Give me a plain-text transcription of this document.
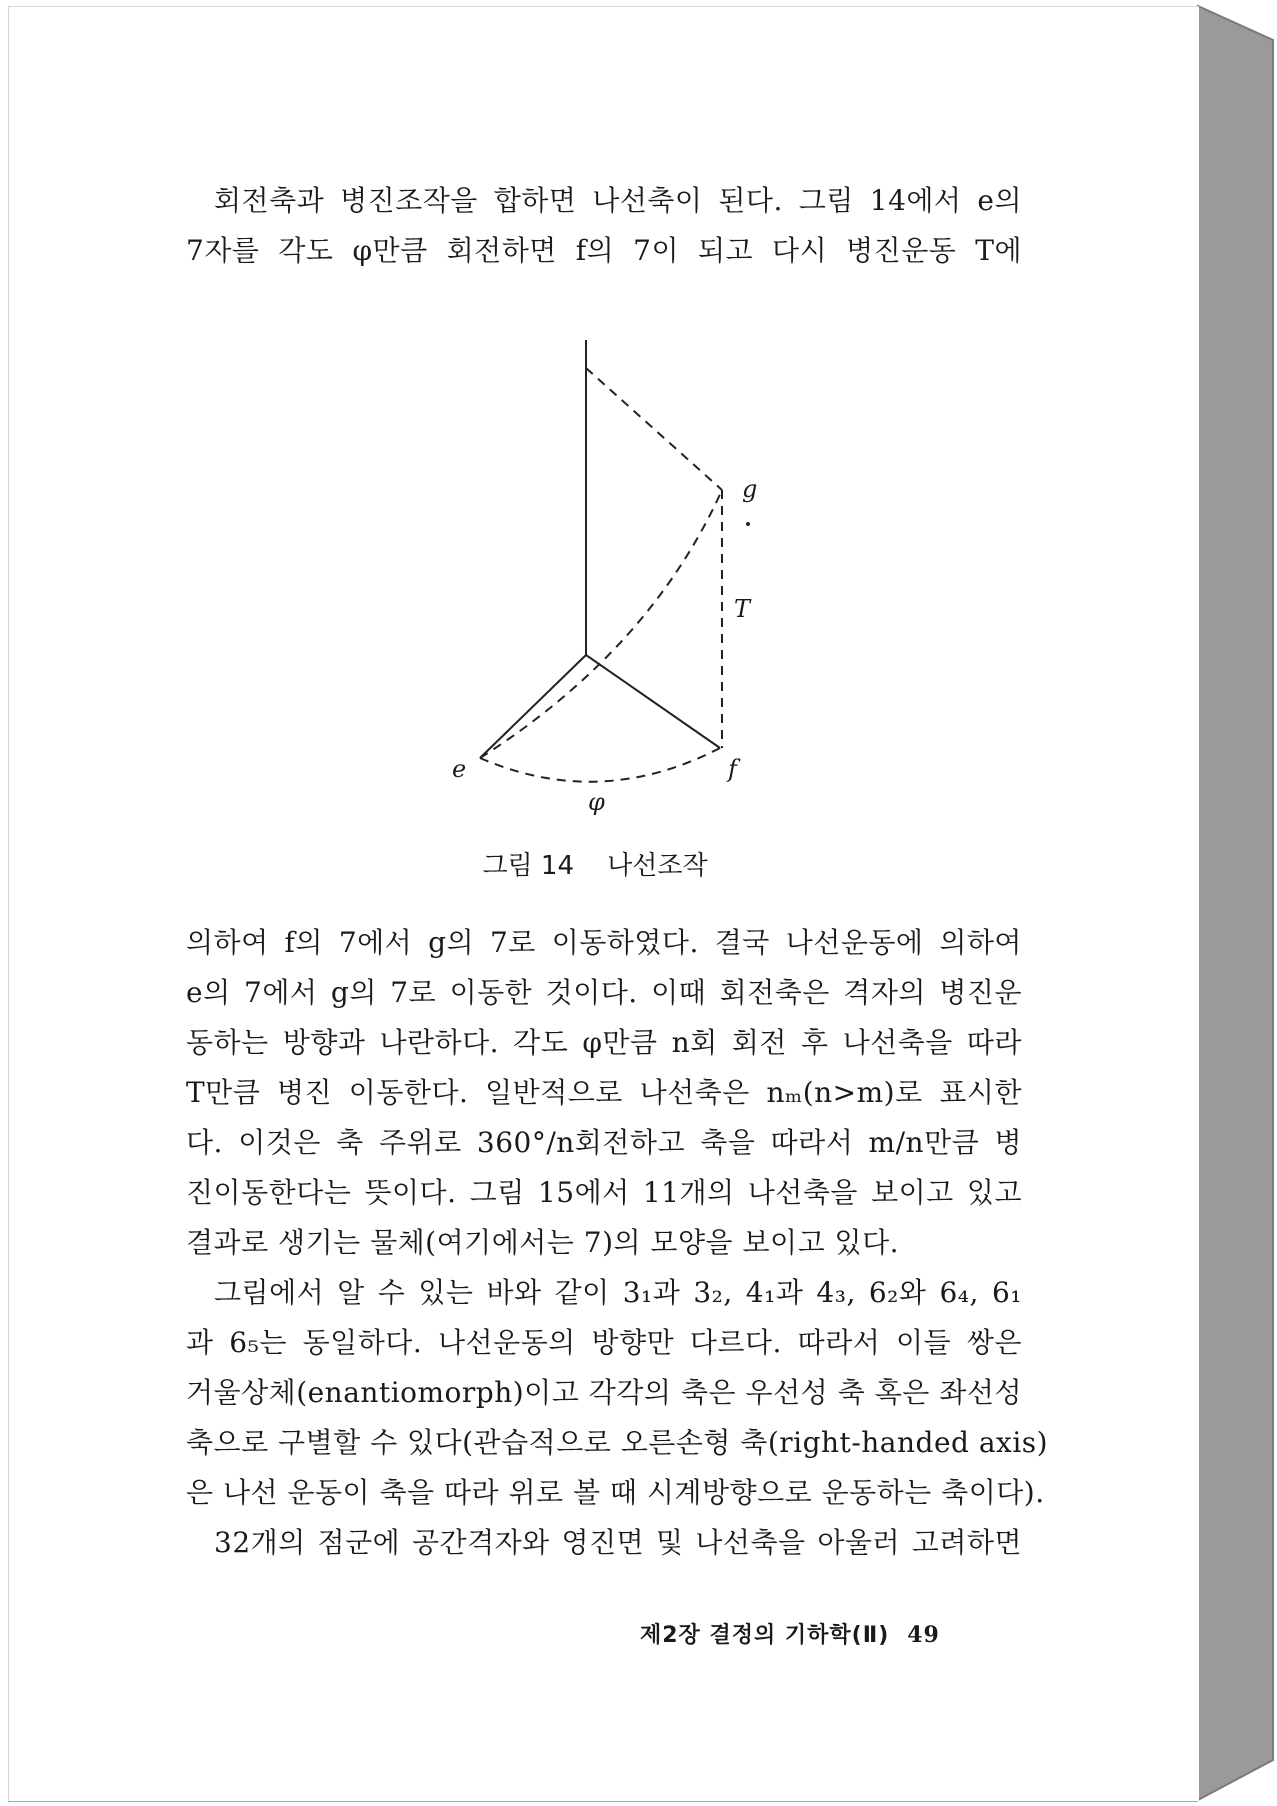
회전축과 병진조작을 합하면 나선축이 된다. 그림 14에서 e의
7자를 각도 φ만큼 회전하면 f의 7이 되고 다시 병진운동 T에
g
T
e	f
φ
그림 14 나선조작
의하여 f의 7에서 g의 7로 이동하였다. 결국 나선운동에 의하여
e의 7에서 g의 7로 이동한 것이다. 이때 회전축은 격자의 병진운
동하는 방향과 나란하다. 각도 φ만큼 n회 회전 후 나선축을 따라
T만큼 병진 이동한다. 일반적으로 나선축은 nₘ(n>m)로 표시한
다. 이것은 축 주위로 360°/n회전하고 축을 따라서 m/n만큼 병
진이동한다는 뜻이다. 그림 15에서 11개의 나선축을 보이고 있고
결과로 생기는 물체(여기에서는 7)의 모양을 보이고 있다.
그림에서 알 수 있는 바와 같이 3₁과 3₂, 4₁과 4₃, 6₂와 6₄, 6₁
과 6₅는 동일하다. 나선운동의 방향만 다르다. 따라서 이들 쌍은
거울상체(enantiomorph)이고 각각의 축은 우선성 축 혹은 좌선성
축으로 구별할 수 있다(관습적으로 오른손형 축(right-handed axis)
은 나선 운동이 축을 따라 위로 볼 때 시계방향으로 운동하는 축이다).
32개의 점군에 공간격자와 영진면 및 나선축을 아울러 고려하면
제2장 결정의 기하학(Ⅱ) 49
